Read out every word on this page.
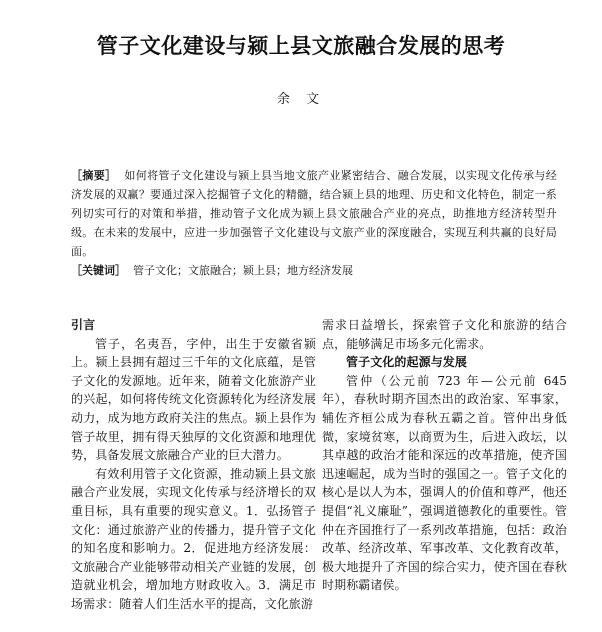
管子文化建设与颍上县文旅融合发展的思考
余 文

［摘要］ 如何将管子文化建设与颍上县当地文旅产业紧密结合、融合发展，以实现文化传承与经济发展的双赢？要通过深入挖掘管子文化的精髓，结合颍上县的地理、历史和文化特色，制定一系列切实可行的对策和举措，推动管子文化成为颍上县文旅融合产业的亮点，助推地方经济转型升级。在未来的发展中，应进一步加强管子文化建设与文旅产业的深度融合，实现互利共赢的良好局面。

［关键词］ 管子文化；文旅融合；颍上县；地方经济发展
引言

管子，名夷吾，字仲，出生于安徽省颍上。颍上县拥有超过三千年的文化底蕴，是管子文化的发源地。近年来，随着文化旅游产业的兴起，如何将传统文化资源转化为经济发展动力，成为地方政府关注的焦点。颍上县作为管子故里，拥有得天独厚的文化资源和地理优势，具备发展文旅融合产业的巨大潜力。

有效利用管子文化资源，推动颍上县文旅融合产业发展，实现文化传承与经济增长的双重目标，具有重要的现实意义。1．弘扬管子文化：通过旅游产业的传播力，提升管子文化的知名度和影响力。2．促进地方经济发展：文旅融合产业能够带动相关产业链的发展，创造就业机会，增加地方财政收入。3．满足市场需求：随着人们生活水平的提高，文化旅游

需求日益增长，探索管子文化和旅游的结合点，能够满足市场多元化需求。

管子文化的起源与发展

管仲（公元前 723 年—公元前 645 年），春秋时期齐国杰出的政治家、军事家，辅佐齐桓公成为春秋五霸之首。管仲出身低微，家境贫寒，以商贾为生，后进入政坛，以其卓越的政治才能和深远的改革措施，使齐国迅速崛起，成为当时的强国之一。管子文化的核心是以人为本，强调人的价值和尊严，他还提倡“礼义廉耻”，强调道德教化的重要性。管仲在齐国推行了一系列改革措施，包括：政治改革、经济改革、军事改革、文化教育改革，极大地提升了齐国的综合实力，使齐国在春秋时期称霸诸侯。
